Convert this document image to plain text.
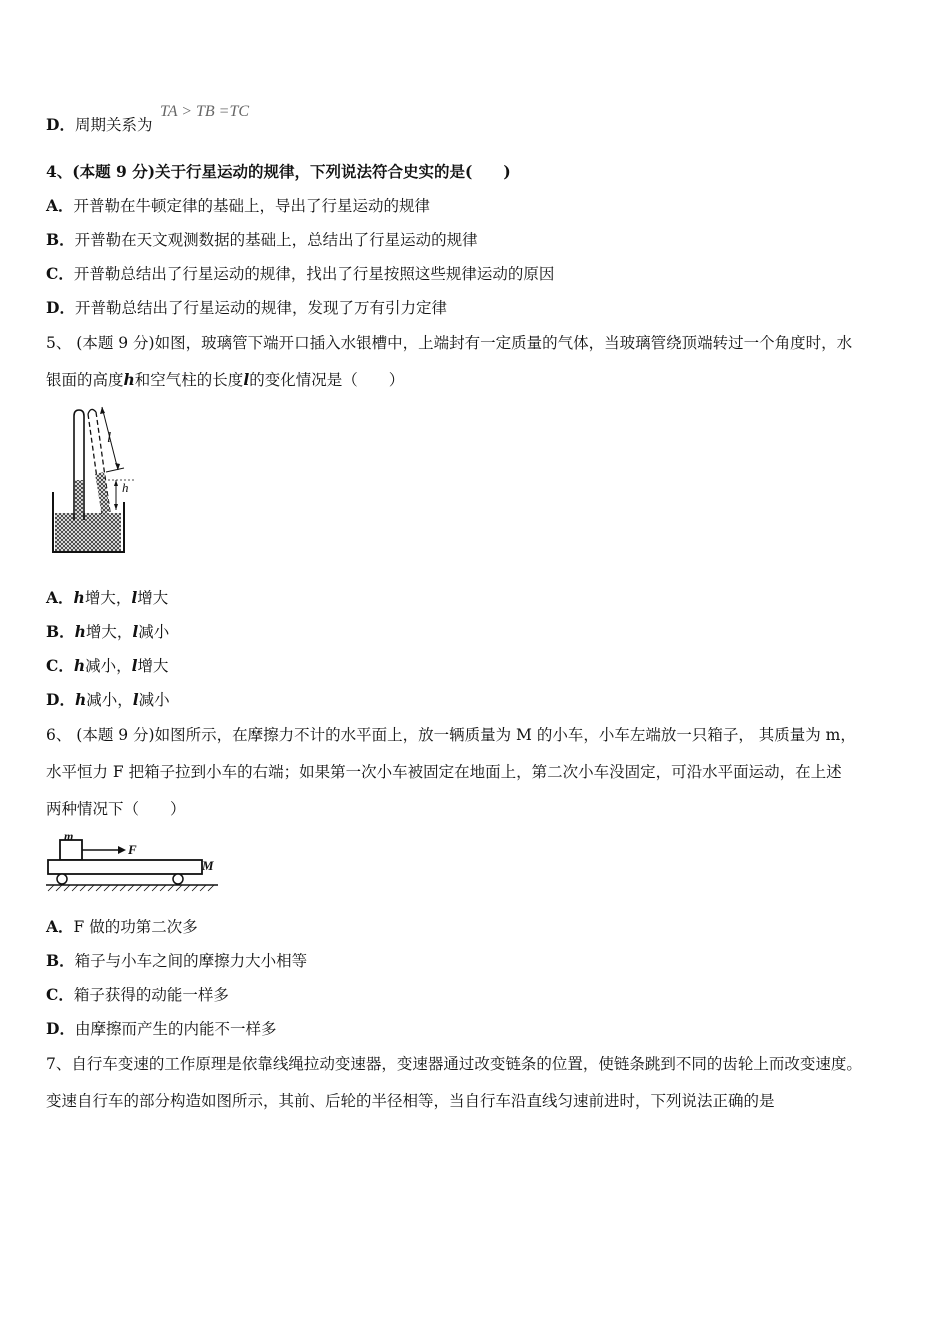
D．周期关系为
TA > TB =TC
4、(本题 9 分)关于行星运动的规律，下列说法符合史实的是(　　)
A．开普勒在牛顿定律的基础上，导出了行星运动的规律
B．开普勒在天文观测数据的基础上，总结出了行星运动的规律
C．开普勒总结出了行星运动的规律，找出了行星按照这些规律运动的原因
D．开普勒总结出了行星运动的规律，发现了万有引力定律
5、 (本题 9 分)如图，玻璃管下端开口插入水银槽中，上端封有一定质量的气体，当玻璃管绕顶端转过一个角度时，水
银面的高度h和空气柱的长度l的变化情况是（　　）
l
h
A．h增大，l增大
B．h增大，l减小
C．h减小，l增大
D．h减小，l减小
6、 (本题 9 分)如图所示，在摩擦力不计的水平面上，放一辆质量为 M 的小车，小车左端放一只箱子， 其质量为 m，
水平恒力 F 把箱子拉到小车的右端；如果第一次小车被固定在地面上，第二次小车没固定，可沿水平面运动，在上述
两种情况下（　　）
m
F
M
A．F 做的功第二次多
B．箱子与小车之间的摩擦力大小相等
C．箱子获得的动能一样多
D．由摩擦而产生的内能不一样多
7、自行车变速的工作原理是依靠线绳拉动变速器，变速器通过改变链条的位置，使链条跳到不同的齿轮上而改变速度。
变速自行车的部分构造如图所示，其前、后轮的半径相等，当自行车沿直线匀速前进时，下列说法正确的是
